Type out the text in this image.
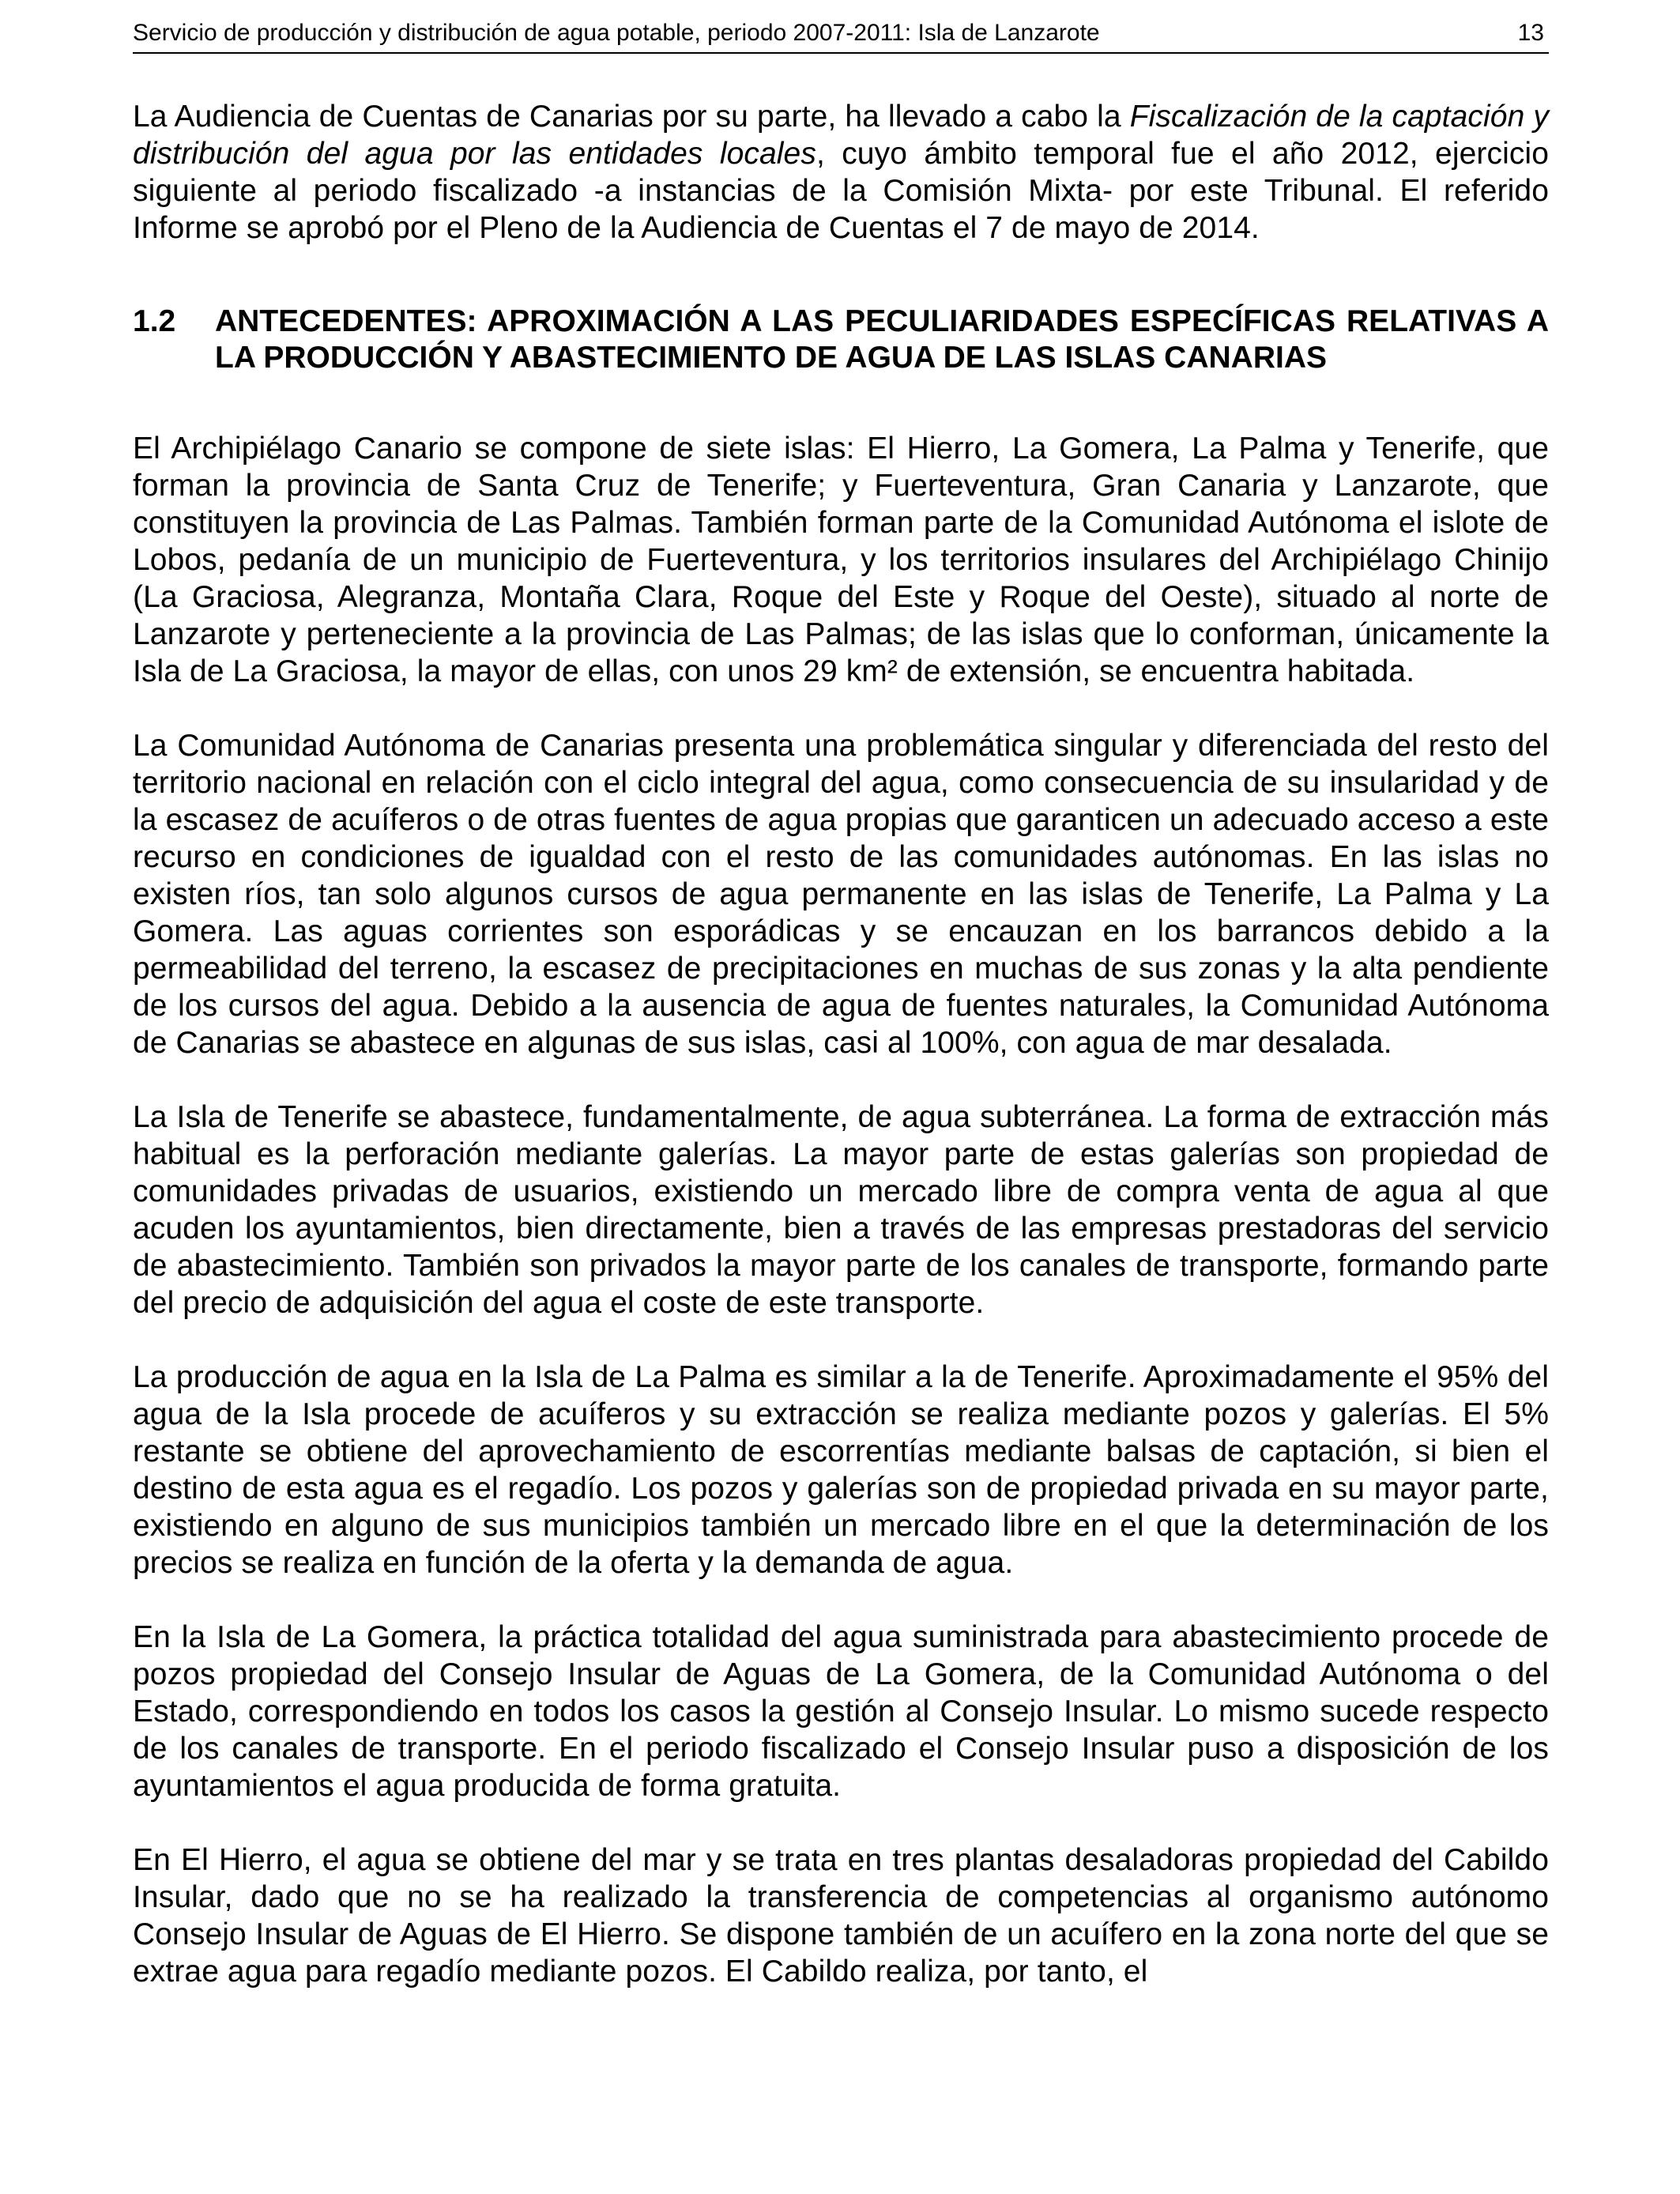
Servicio de producción y distribución de agua potable, periodo 2007-2011: Isla de Lanzarote	13

La Audiencia de Cuentas de Canarias por su parte, ha llevado a cabo la Fiscalización de la captación y distribución del agua por las entidades locales, cuyo ámbito temporal fue el año 2012, ejercicio siguiente al periodo fiscalizado -a instancias de la Comisión Mixta- por este Tribunal. El referido Informe se aprobó por el Pleno de la Audiencia de Cuentas el 7 de mayo de 2014.

1.2	ANTECEDENTES: APROXIMACIÓN A LAS PECULIARIDADES ESPECÍFICAS RELATIVAS A LA PRODUCCIÓN Y ABASTECIMIENTO DE AGUA DE LAS ISLAS CANARIAS

El Archipiélago Canario se compone de siete islas: El Hierro, La Gomera, La Palma y Tenerife, que forman la provincia de Santa Cruz de Tenerife; y Fuerteventura, Gran Canaria y Lanzarote, que constituyen la provincia de Las Palmas. También forman parte de la Comunidad Autónoma el islote de Lobos, pedanía de un municipio de Fuerteventura, y los territorios insulares del Archipiélago Chinijo (La Graciosa, Alegranza, Montaña Clara, Roque del Este y Roque del Oeste), situado al norte de Lanzarote y perteneciente a la provincia de Las Palmas; de las islas que lo conforman, únicamente la Isla de La Graciosa, la mayor de ellas, con unos 29 km² de extensión, se encuentra habitada.

La Comunidad Autónoma de Canarias presenta una problemática singular y diferenciada del resto del territorio nacional en relación con el ciclo integral del agua, como consecuencia de su insularidad y de la escasez de acuíferos o de otras fuentes de agua propias que garanticen un adecuado acceso a este recurso en condiciones de igualdad con el resto de las comunidades autónomas. En las islas no existen ríos, tan solo algunos cursos de agua permanente en las islas de Tenerife, La Palma y La Gomera. Las aguas corrientes son esporádicas y se encauzan en los barrancos debido a la permeabilidad del terreno, la escasez de precipitaciones en muchas de sus zonas y la alta pendiente de los cursos del agua. Debido a la ausencia de agua de fuentes naturales, la Comunidad Autónoma de Canarias se abastece en algunas de sus islas, casi al 100%, con agua de mar desalada.

La Isla de Tenerife se abastece, fundamentalmente, de agua subterránea. La forma de extracción más habitual es la perforación mediante galerías. La mayor parte de estas galerías son propiedad de comunidades privadas de usuarios, existiendo un mercado libre de compra venta de agua al que acuden los ayuntamientos, bien directamente, bien a través de las empresas prestadoras del servicio de abastecimiento. También son privados la mayor parte de los canales de transporte, formando parte del precio de adquisición del agua el coste de este transporte.

La producción de agua en la Isla de La Palma es similar a la de Tenerife. Aproximadamente el 95% del agua de la Isla procede de acuíferos y su extracción se realiza mediante pozos y galerías. El 5% restante se obtiene del aprovechamiento de escorrentías mediante balsas de captación, si bien el destino de esta agua es el regadío. Los pozos y galerías son de propiedad privada en su mayor parte, existiendo en alguno de sus municipios también un mercado libre en el que la determinación de los precios se realiza en función de la oferta y la demanda de agua.

En la Isla de La Gomera, la práctica totalidad del agua suministrada para abastecimiento procede de pozos propiedad del Consejo Insular de Aguas de La Gomera, de la Comunidad Autónoma o del Estado, correspondiendo en todos los casos la gestión al Consejo Insular. Lo mismo sucede respecto de los canales de transporte. En el periodo fiscalizado el Consejo Insular puso a disposición de los ayuntamientos el agua producida de forma gratuita.

En El Hierro, el agua se obtiene del mar y se trata en tres plantas desaladoras propiedad del Cabildo Insular, dado que no se ha realizado la transferencia de competencias al organismo autónomo Consejo Insular de Aguas de El Hierro. Se dispone también de un acuífero en la zona norte del que se extrae agua para regadío mediante pozos. El Cabildo realiza, por tanto, el
